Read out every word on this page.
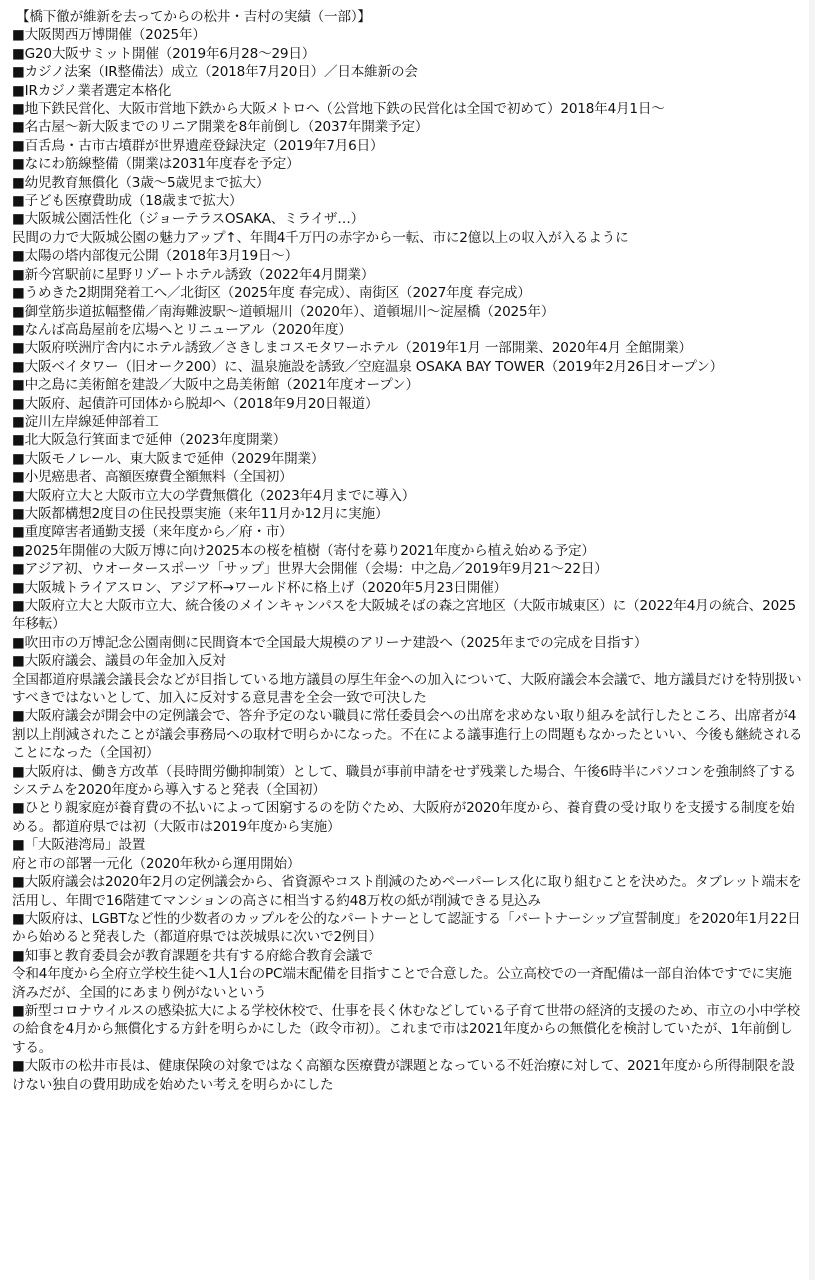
【橋下徹が維新を去ってからの松井・吉村の実績（一部）】

■大阪関西万博開催（2025年）

■G20大阪サミット開催（2019年6月28～29日）

■カジノ法案（IR整備法）成立（2018年7月20日）／日本維新の会

■IRカジノ業者選定本格化

■地下鉄民営化、大阪市営地下鉄から大阪メトロへ（公営地下鉄の民営化は全国で初めて）2018年4月1日～

■名古屋～新大阪までのリニア開業を8年前倒し（2037年開業予定）

■百舌鳥・古市古墳群が世界遺産登録決定（2019年7月6日）

■なにわ筋線整備（開業は2031年度春を予定）

■幼児教育無償化（3歳～5歳児まで拡大）

■子ども医療費助成（18歳まで拡大）

■大阪城公園活性化（ジョーテラスOSAKA、ミライザ…）

民間の力で大阪城公園の魅力アップ↑、年間4千万円の赤字から一転、市に2億以上の収入が入るように

■太陽の塔内部復元公開（2018年3月19日～）

■新今宮駅前に星野リゾートホテル誘致（2022年4月開業）

■うめきた2期開発着工へ／北街区（2025年度 春完成）、南街区（2027年度 春完成）

■御堂筋歩道拡幅整備／南海難波駅～道頓堀川（2020年）、道頓堀川～淀屋橋（2025年）

■なんば高島屋前を広場へとリニューアル（2020年度）

■大阪府咲洲庁舎内にホテル誘致／さきしまコスモタワーホテル（2019年1月 一部開業、2020年4月 全館開業）

■大阪ベイタワー（旧オーク200）に、温泉施設を誘致／空庭温泉 OSAKA BAY TOWER（2019年2月26日オープン）

■中之島に美術館を建設／大阪中之島美術館（2021年度オープン）

■大阪府、起債許可団体から脱却へ（2018年9月20日報道）

■淀川左岸線延伸部着工

■北大阪急行箕面まで延伸（2023年度開業）

■大阪モノレール、東大阪まで延伸（2029年開業）

■小児癌患者、高額医療費全額無料（全国初）

■大阪府立大と大阪市立大の学費無償化（2023年4月までに導入）

■大阪都構想2度目の住民投票実施（来年11月か12月に実施）

■重度障害者通勤支援（来年度から／府・市）

■2025年開催の大阪万博に向け2025本の桜を植樹（寄付を募り2021年度から植え始める予定）

■アジア初、ウオータースポーツ「サップ」世界大会開催（会場：中之島／2019年9月21～22日）

■大阪城トライアスロン、アジア杯→ワールド杯に格上げ（2020年5月23日開催）

■大阪府立大と大阪市立大、統合後のメインキャンパスを大阪城そばの森之宮地区（大阪市城東区）に（2022年4月の統合、2025年移転）

■吹田市の万博記念公園南側に民間資本で全国最大規模のアリーナ建設へ（2025年までの完成を目指す）

■大阪府議会、議員の年金加入反対

全国都道府県議会議長会などが目指している地方議員の厚生年金への加入について、大阪府議会本会議で、地方議員だけを特別扱いすべきではないとして、加入に反対する意見書を全会一致で可決した

■大阪府議会が開会中の定例議会で、答弁予定のない職員に常任委員会への出席を求めない取り組みを試行したところ、出席者が4割以上削減されたことが議会事務局への取材で明らかになった。不在による議事進行上の問題もなかったといい、今後も継続されることになった（全国初）

■大阪府は、働き方改革（長時間労働抑制策）として、職員が事前申請をせず残業した場合、午後6時半にパソコンを強制終了するシステムを2020年度から導入すると発表（全国初）

■ひとり親家庭が養育費の不払いによって困窮するのを防ぐため、大阪府が2020年度から、養育費の受け取りを支援する制度を始める。都道府県では初（大阪市は2019年度から実施）

■「大阪港湾局」設置

府と市の部署一元化（2020年秋から運用開始）

■大阪府議会は2020年2月の定例議会から、省資源やコスト削減のためペーパーレス化に取り組むことを決めた。タブレット端末を活用し、年間で16階建てマンションの高さに相当する約48万枚の紙が削減できる見込み

■大阪府は、LGBTなど性的少数者のカップルを公的なパートナーとして認証する「パートナーシップ宣誓制度」を2020年1月22日から始めると発表した（都道府県では茨城県に次いで2例目）

■知事と教育委員会が教育課題を共有する府総合教育会議で

令和4年度から全府立学校生徒へ1人1台のPC端末配備を目指すことで合意した。公立高校での一斉配備は一部自治体ですでに実施済みだが、全国的にあまり例がないという

■新型コロナウイルスの感染拡大による学校休校で、仕事を長く休むなどしている子育て世帯の経済的支援のため、市立の小中学校の給食を4月から無償化する方針を明らかにした（政令市初）。これまで市は2021年度からの無償化を検討していたが、1年前倒しする。

■大阪市の松井市長は、健康保険の対象ではなく高額な医療費が課題となっている不妊治療に対して、2021年度から所得制限を設けない独自の費用助成を始めたい考えを明らかにした
